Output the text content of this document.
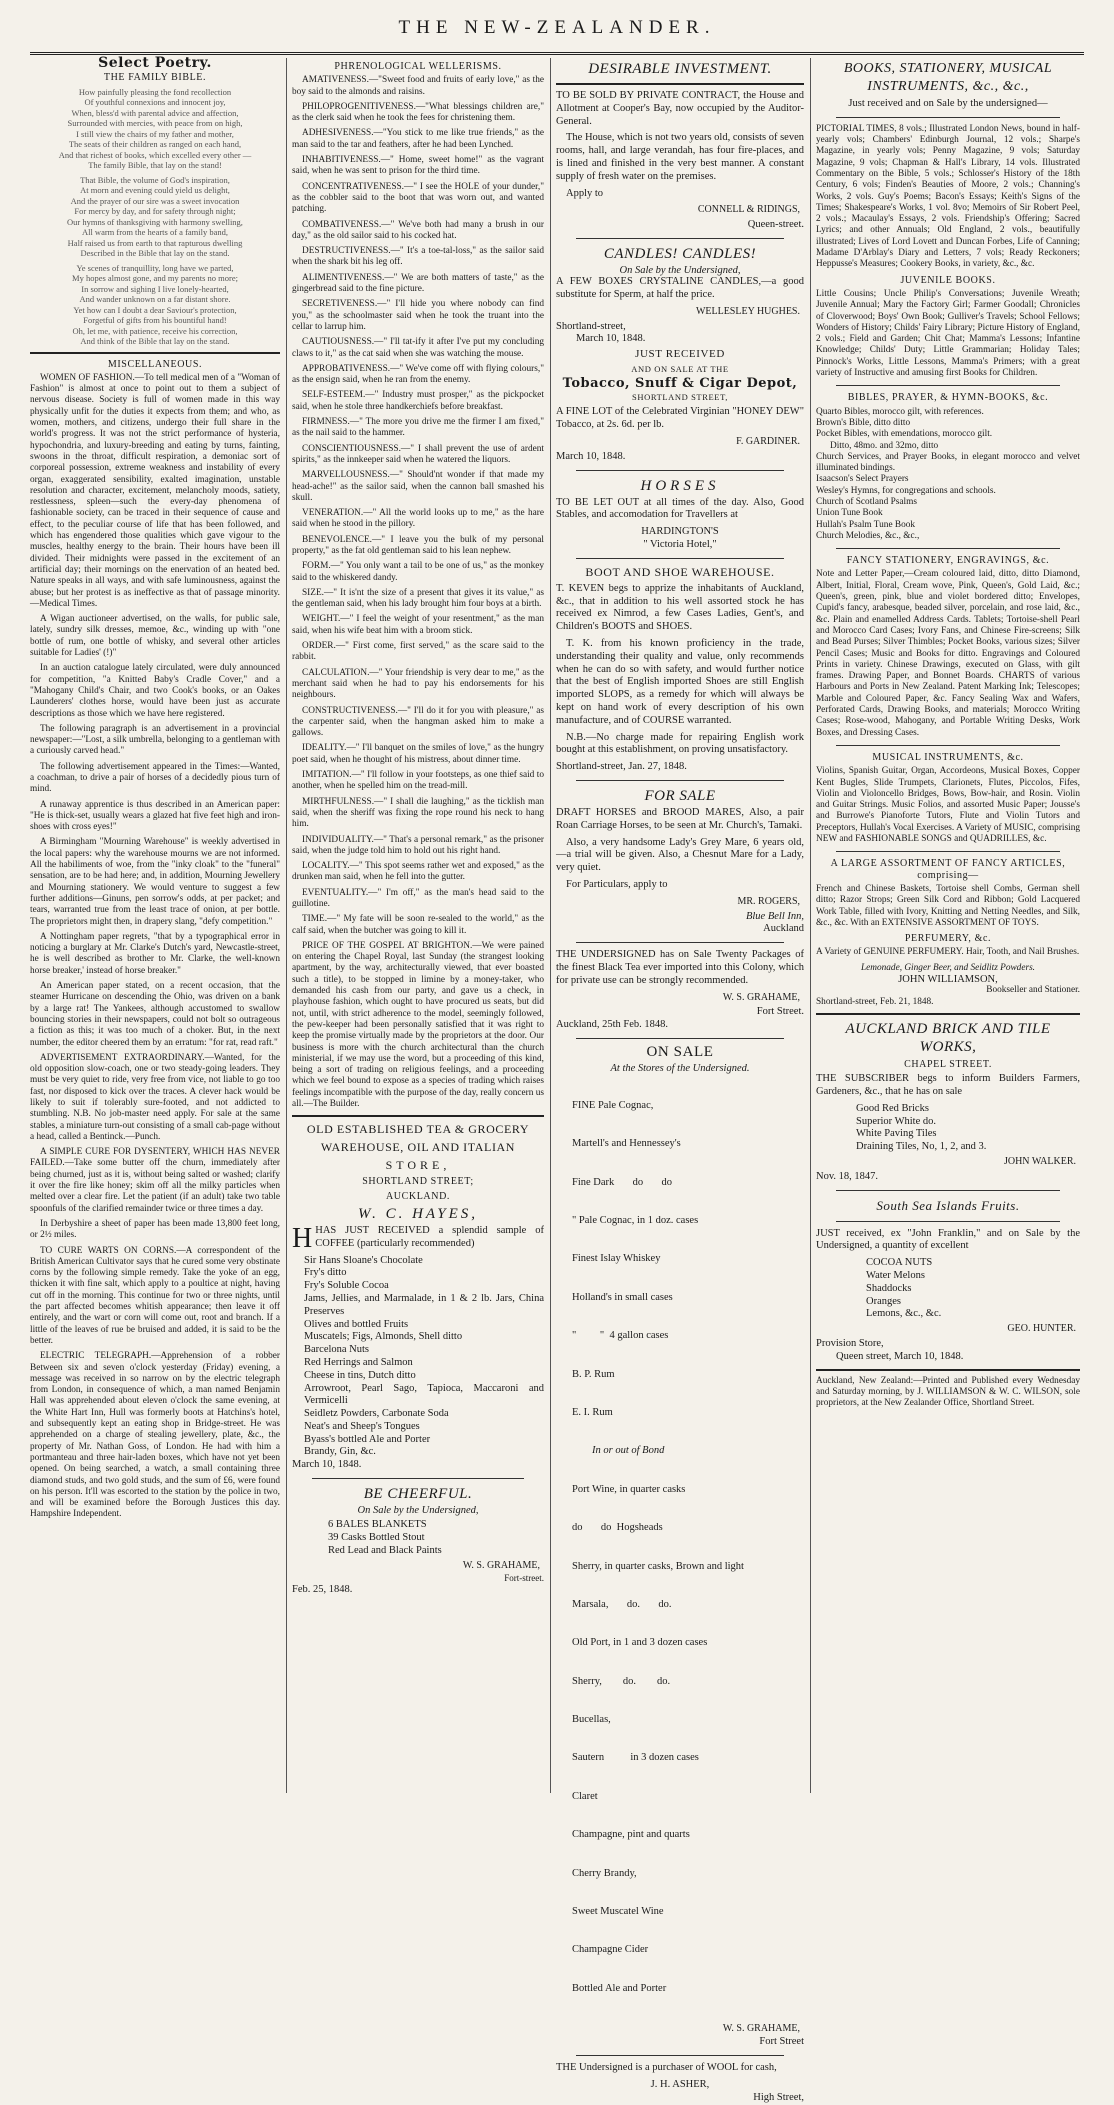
THE NEW-ZEALANDER.
Select Poetry.
THE FAMILY BIBLE.
How painfully pleasing the fond recollection
Of youthful connexions and innocent joy,
When, bless'd with parental advice and affection,
Surrounded with mercies, with peace from on high,
I still view the chairs of my father and mother,
The seats of their children as ranged on each hand,
And that richest of books, which excelled every other —
The family Bible, that lay on the stand!
That Bible, the volume of God's inspiration,
At morn and evening could yield us delight,
And the prayer of our sire was a sweet invocation
For mercy by day, and for safety through night;
Our hymns of thanksgiving with harmony swelling,
All warm from the hearts of a family band,
Half raised us from earth to that rapturous dwelling
Described in the Bible that lay on the stand.
Ye scenes of tranquillity, long have we parted,
My hopes almost gone, and my parents no more;
In sorrow and sighing I live lonely-hearted,
And wander unknown on a far distant shore.
Yet how can I doubt a dear Saviour's protection,
Forgetful of gifts from his bountiful hand!
Oh, let me, with patience, receive his correction,
And think of the Bible that lay on the stand.
MISCELLANEOUS.

WOMEN OF FASHION.—To tell medical men of a "Woman of Fashion" is almost at once to point out to them a subject of nervous disease. Society is full of women made in this way physically unfit for the duties it expects from them; and who, as women, mothers, and citizens, undergo their full share in the world's progress. It was not the strict performance of hysteria, hypochondria, and luxury-breeding and eating by turns, fainting, swoons in the throat, difficult respiration, a demoniac sort of corporeal possession, extreme weakness and instability of every organ, exaggerated sensibility, exalted imagination, unstable resolution and character, excitement, melancholy moods, satiety, restlessness, spleen—such the every-day phenomena of fashionable society, can be traced in their sequence of cause and effect, to the peculiar course of life that has been followed, and which has engendered those qualities which gave vigour to the muscles, healthy energy to the brain. Their hours have been ill divided. Their midnights were passed in the excitement of an artificial day; their mornings on the enervation of an heated bed. Nature speaks in all ways, and with safe luminousness, against the abuse; but her protest is as ineffective as that of passage minority.—Medical Times.

A Wigan auctioneer advertised, on the walls, for public sale, lately, sundry silk dresses, memoe, &c., winding up with "one bottle of rum, one bottle of whisky, and several other articles suitable for Ladies' (!)"

In an auction catalogue lately circulated, were duly announced for competition, "a Knitted Baby's Cradle Cover," and a "Mahogany Child's Chair, and two Cook's books, or an Oakes Launderers' clothes horse, would have been just as accurate descriptions as those which we have here registered.

The following paragraph is an advertisement in a provincial newspaper:—"Lost, a silk umbrella, belonging to a gentleman with a curiously carved head."

The following advertisement appeared in the Times:—Wanted, a coachman, to drive a pair of horses of a decidedly pious turn of mind.

A runaway apprentice is thus described in an American paper: "He is thick-set, usually wears a glazed hat five feet high and iron-shoes with cross eyes!"

A Birmingham "Mourning Warehouse" is weekly advertised in the local papers: why the warehouse mourns we are not informed. All the habiliments of woe, from the "inky cloak" to the "funeral" sensation, are to be had here; and, in addition, Mourning Jewellery and Mourning stationery. We would venture to suggest a few further additions—Ginuns, pen sorrow's odds, at per packet; and tears, warranted true from the least trace of onion, at per bottle. The proprietors might then, in drapery slang, "defy competition."

A Nottingham paper regrets, "that by a typographical error in noticing a burglary at Mr. Clarke's Dutch's yard, Newcastle-street, he is well described as brother to Mr. Clarke, the well-known horse breaker,' instead of horse breaker."

An American paper stated, on a recent occasion, that the steamer Hurricane on descending the Ohio, was driven on a bank by a large rat! The Yankees, although accustomed to swallow bouncing stories in their newspapers, could not bolt so outrageous a fiction as this; it was too much of a choker. But, in the next number, the editor cheered them by an erratum: "for rat, read raft."

ADVERTISEMENT EXTRAORDINARY.—Wanted, for the old opposition slow-coach, one or two steady-going leaders. They must be very quiet to ride, very free from vice, not liable to go too fast, nor disposed to kick over the traces. A clever hack would be likely to suit if tolerably sure-footed, and not addicted to stumbling. N.B. No job-master need apply. For sale at the same stables, a miniature turn-out consisting of a small cab-page without a head, called a Bentinck.—Punch.

A SIMPLE CURE FOR DYSENTERY, WHICH HAS NEVER FAILED.—Take some butter off the churn, immediately after being churned, just as it is, without being salted or washed; clarify it over the fire like honey; skim off all the milky particles when melted over a clear fire. Let the patient (if an adult) take two table spoonfuls of the clarified remainder twice or three times a day.

In Derbyshire a sheet of paper has been made 13,800 feet long, or 2½ miles.

TO CURE WARTS ON CORNS.—A correspondent of the British American Cultivator says that he cured some very obstinate corns by the following simple remedy. Take the yoke of an egg, thicken it with fine salt, which apply to a poultice at night, having cut off in the morning. This continue for two or three nights, until the part affected becomes whitish appearance; then leave it off entirely, and the wart or corn will come out, root and branch. If a little of the leaves of rue be bruised and added, it is said to be the better.

ELECTRIC TELEGRAPH.—Apprehension of a robber Between six and seven o'clock yesterday (Friday) evening, a message was received in so narrow on by the electric telegraph from London, in consequence of which, a man named Benjamin Hall was apprehended about eleven o'clock the same evening, at the White Hart Inn, Hull was formerly boots at Hatchins's hotel, and subsequently kept an eating shop in Bridge-street. He was apprehended on a charge of stealing jewellery, plate, &c., the property of Mr. Nathan Goss, of London. He had with him a portmanteau and three hair-laden boxes, which have not yet been opened. On being searched, a watch, a small containing three diamond studs, and two gold studs, and the sum of £6, were found on his person. It'll was escorted to the station by the police in two, and will be examined before the Borough Justices this day. Hampshire Independent.

PHRENOLOGICAL WELLERISMS.

AMATIVENESS.—"Sweet food and fruits of early love," as the boy said to the almonds and raisins.

PHILOPROGENITIVENESS.—"What blessings children are," as the clerk said when he took the fees for christening them.

ADHESIVENESS.—"You stick to me like true friends," as the man said to the tar and feathers, after he had been Lynched.

INHABITIVENESS.—" Home, sweet home!" as the vagrant said, when he was sent to prison for the third time.

CONCENTRATIVENESS.—" I see the HOLE of your dunder," as the cobbler said to the boot that was worn out, and wanted patching.

COMBATIVENESS.—" We've both had many a brush in our day," as the old sailor said to his cocked hat.

DESTRUCTIVENESS.—" It's a toe-tal-loss," as the sailor said when the shark bit his leg off.

ALIMENTIVENESS.—" We are both matters of taste," as the gingerbread said to the fine picture.

SECRETIVENESS.—" I'll hide you where nobody can find you," as the schoolmaster said when he took the truant into the cellar to larrup him.

CAUTIOUSNESS.—" I'll tat-ify it after I've put my concluding claws to it," as the cat said when she was watching the mouse.

APPROBATIVENESS.—" We've come off with flying colours," as the ensign said, when he ran from the enemy.

SELF-ESTEEM.—" Industry must prosper," as the pickpocket said, when he stole three handkerchiefs before breakfast.

FIRMNESS.—" The more you drive me the firmer I am fixed," as the nail said to the hammer.

CONSCIENTIOUSNESS.—" I shall prevent the use of ardent spirits," as the innkeeper said when he watered the liquors.

MARVELLOUSNESS.—" Should'nt wonder if that made my head-ache!" as the sailor said, when the cannon ball smashed his skull.

VENERATION.—" All the world looks up to me," as the hare said when he stood in the pillory.

BENEVOLENCE.—" I leave you the bulk of my personal property," as the fat old gentleman said to his lean nephew.

FORM.—" You only want a tail to be one of us," as the monkey said to the whiskered dandy.

SIZE.—" It is'nt the size of a present that gives it its value," as the gentleman said, when his lady brought him four boys at a birth.

WEIGHT.—" I feel the weight of your resentment," as the man said, when his wife beat him with a broom stick.

ORDER.—" First come, first served," as the scare said to the rabbit.

CALCULATION.—" Your friendship is very dear to me," as the merchant said when he had to pay his endorsements for his neighbours.

CONSTRUCTIVENESS.—" I'll do it for you with pleasure," as the carpenter said, when the hangman asked him to make a gallows.

IDEALITY.—" I'll banquet on the smiles of love," as the hungry poet said, when he thought of his mistress, about dinner time.

IMITATION.—" I'll follow in your footsteps, as one thief said to another, when he spelled him on the tread-mill.

MIRTHFULNESS.—" I shall die laughing," as the ticklish man said, when the sheriff was fixing the rope round his neck to hang him.

INDIVIDUALITY.—" That's a personal remark," as the prisoner said, when the judge told him to hold out his right hand.

LOCALITY.—" This spot seems rather wet and exposed," as the drunken man said, when he fell into the gutter.

EVENTUALITY.—" I'm off," as the man's head said to the guillotine.

TIME.—" My fate will be soon re-sealed to the world," as the calf said, when the butcher was going to kill it.

PRICE OF THE GOSPEL AT BRIGHTON.—We were pained on entering the Chapel Royal, last Sunday (the strangest looking apartment, by the way, architecturally viewed, that ever boasted such a title), to be stopped in limine by a money-taker, who demanded his cash from our party, and gave us a check, in playhouse fashion, which ought to have procured us seats, but did not, until, with strict adherence to the model, seemingly followed, the pew-keeper had been personally satisfied that it was right to keep the promise virtually made by the proprietors at the door. Our business is more with the church architectural than the church ministerial, if we may use the word, but a proceeding of this kind, being a sort of trading on religious feelings, and a proceeding which we feel bound to expose as a species of trading which raises feelings incompatible with the purpose of the day, really concern us all.—The Builder.

OLD ESTABLISHED TEA & GROCERY
WAREHOUSE, OIL AND ITALIAN
STORE,
SHORTLAND STREET;
AUCKLAND.
W. C. HAYES,

HHAS JUST RECEIVED a splendid sample of COFFEE (particularly recommended)

Sir Hans Sloane's Chocolate
Fry's ditto
Fry's Soluble Cocoa
Jams, Jellies, and Marmalade, in 1 & 2 lb. Jars, China Preserves
Olives and bottled Fruits
Muscatels; Figs, Almonds, Shell ditto
Barcelona Nuts
Red Herrings and Salmon
Cheese in tins, Dutch ditto
Arrowroot, Pearl Sago, Tapioca, Maccaroni and Vermicelli
Seidletz Powders, Carbonate Soda
Neat's and Sheep's Tongues
Byass's bottled Ale and Porter
Brandy, Gin, &c.
March 10, 1848.
BE CHEERFUL.
On Sale by the Undersigned,
6 BALES BLANKETS
39 Casks Bottled Stout
Red Lead and Black Paints
W. S. GRAHAME,
Fort-street.
Feb. 25, 1848.
DESIRABLE INVESTMENT.

TO BE SOLD BY PRIVATE CONTRACT, the House and Allotment at Cooper's Bay, now occupied by the Auditor-General.

The House, which is not two years old, consists of seven rooms, hall, and large verandah, has four fire-places, and is lined and finished in the very best manner. A constant supply of fresh water on the premises.

Apply to

CONNELL & RIDINGS,
Queen-street.
CANDLES! CANDLES!
On Sale by the Undersigned,

A FEW BOXES CRYSTALINE CANDLES,—a good substitute for Sperm, at half the price.

WELLESLEY HUGHES.
Shortland-street,
March 10, 1848.
JUST RECEIVED
AND ON SALE AT THE
Tobacco, Snuff & Cigar Depot,
SHORTLAND STREET,

A FINE LOT of the Celebrated Virginian "HONEY DEW" Tobacco, at 2s. 6d. per lb.

F. GARDINER.
March 10, 1848.
HORSES

TO BE LET OUT at all times of the day. Also, Good Stables, and accomodation for Travellers at

HARDINGTON'S
" Victoria Hotel,"
BOOT AND SHOE WAREHOUSE.

T. KEVEN begs to apprize the inhabitants of Auckland, &c., that in addition to his well assorted stock he has received ex Nimrod, a few Cases Ladies, Gent's, and Children's BOOTS and SHOES.

T. K. from his known proficiency in the trade, understanding their quality and value, only recommends when he can do so with safety, and would further notice that the best of English imported Shoes are still English imported SLOPS, as a remedy for which will always be kept on hand work of every description of his own manufacture, and of COURSE warranted.

N.B.—No charge made for repairing English work bought at this establishment, on proving unsatisfactory.

Shortland-street, Jan. 27, 1848.

FOR SALE

DRAFT HORSES and BROOD MARES, Also, a pair Roan Carriage Horses, to be seen at Mr. Church's, Tamaki.

Also, a very handsome Lady's Grey Mare, 6 years old,—a trial will be given. Also, a Chesnut Mare for a Lady, very quiet.

For Particulars, apply to

MR. ROGERS,
Blue Bell Inn,
Auckland

THE UNDERSIGNED has on Sale Twenty Packages of the finest Black Tea ever imported into this Colony, which for private use can be strongly recommended.

W. S. GRAHAME,
Fort Street.
Auckland, 25th Feb. 1848.
ON SALE
At the Stores of the Undersigned.

FINE Pale Cognac,

Martell's and Hennessey's

Fine Dark       do       do

" Pale Cognac, in 1 doz. cases

Finest Islay Whiskey

Holland's in small cases

"         "  4 gallon cases

B. P. Rum

E. I. Rum

In or out of Bond

Port Wine, in quarter casks

do       do  Hogsheads

Sherry, in quarter casks, Brown and light

Marsala,       do.       do.

Old Port, in 1 and 3 dozen cases

Sherry,        do.        do.

Bucellas,

Sautern          in 3 dozen cases

Claret

Champagne, pint and quarts

Cherry Brandy,

Sweet Muscatel Wine

Champagne Cider

Bottled Ale and Porter

W. S. GRAHAME,
Fort Street

THE Undersigned is a purchaser of WOOL for cash,

J. H. ASHER,
High Street,
BOOKS, STATIONERY, MUSICAL INSTRUMENTS, &c., &c.,
Just received and on Sale by the undersigned—

PICTORIAL TIMES, 8 vols.; Illustrated London News, bound in half-yearly vols; Chambers' Edinburgh Journal, 12 vols.; Sharpe's Magazine, in yearly vols; Penny Magazine, 9 vols; Saturday Magazine, 9 vols; Chapman & Hall's Library, 14 vols. Illustrated Commentary on the Bible, 5 vols.; Schlosser's History of the 18th Century, 6 vols; Finden's Beauties of Moore, 2 vols.; Channing's Works, 2 vols. Guy's Poems; Bacon's Essays; Keith's Signs of the Times; Shakespeare's Works, 1 vol. 8vo; Memoirs of Sir Robert Peel, 2 vols.; Macaulay's Essays, 2 vols. Friendship's Offering; Sacred Lyrics; and other Annuals; Old England, 2 vols., beautifully illustrated; Lives of Lord Lovett and Duncan Forbes, Life of Canning; Madame D'Arblay's Diary and Letters, 7 vols; Ready Reckoners; Heppusse's Measures; Cookery Books, in variety, &c., &c.

JUVENILE BOOKS.

Little Cousins; Uncle Philip's Conversations; Juvenile Wreath; Juvenile Annual; Mary the Factory Girl; Farmer Goodall; Chronicles of Cloverwood; Boys' Own Book; Gulliver's Travels; School Fellows; Wonders of History; Childs' Fairy Library; Picture History of England, 2 vols.; Field and Garden; Chit Chat; Mamma's Lessons; Infantine Knowledge; Childs' Duty; Little Grammarian; Holiday Tales; Pinnock's Works, Little Lessons, Mamma's Primers; with a great variety of Instructive and amusing first Books for Children.

BIBLES, PRAYER, & HYMN-BOOKS, &c.
Quarto Bibles, morocco gilt, with references.
Brown's Bible, ditto ditto
Pocket Bibles, with emendations, morocco gilt.
Ditto, 48mo. and 32mo, ditto
Church Services, and Prayer Books, in elegant morocco and velvet illuminated bindings.
Isaacson's Select Prayers
Wesley's Hymns, for congregations and schools.
Church of Scotland Psalms
Union Tune Book
Hullah's Psalm Tune Book
Church Melodies, &c., &c.,
FANCY STATIONERY, ENGRAVINGS, &c.

Note and Letter Paper,—Cream coloured laid, ditto, ditto Diamond, Albert, Initial, Floral, Cream wove, Pink, Queen's, Gold Laid, &c.; Queen's, green, pink, blue and violet bordered ditto; Envelopes, Cupid's fancy, arabesque, beaded silver, porcelain, and rose laid, &c., &c. Plain and enamelled Address Cards. Tablets; Tortoise-shell Pearl and Morocco Card Cases; Ivory Fans, and Chinese Fire-screens; Silk and Bead Purses; Silver Thimbles; Pocket Books, various sizes; Silver Pencil Cases; Music and Books for ditto. Engravings and Coloured Prints in variety. Chinese Drawings, executed on Glass, with gilt frames. Drawing Paper, and Bonnet Boards. CHARTS of various Harbours and Ports in New Zealand. Patent Marking Ink; Telescopes; Marble and Coloured Paper, &c. Fancy Sealing Wax and Wafers, Perforated Cards, Drawing Books, and materials; Morocco Writing Cases; Rose-wood, Mahogany, and Portable Writing Desks, Work Boxes, and Dressing Cases.

MUSICAL INSTRUMENTS, &c.

Violins, Spanish Guitar, Organ, Accordeons, Musical Boxes, Copper Kent Bugles, Slide Trumpets, Clarionets, Flutes, Piccolos, Fifes, Violin and Violoncello Bridges, Bows, Bow-hair, and Rosin. Violin and Guitar Strings. Music Folios, and assorted Music Paper; Jousse's and Burrowe's Pianoforte Tutors, Flute and Violin Tutors and Preceptors, Hullah's Vocal Exercises. A Variety of MUSIC, comprising NEW and FASHIONABLE SONGS and QUADRILLES, &c.

A LARGE ASSORTMENT OF FANCY ARTICLES, comprising—

French and Chinese Baskets, Tortoise shell Combs, German shell ditto; Razor Strops; Green Silk Cord and Ribbon; Gold Lacquered Work Table, filled with Ivory, Knitting and Netting Needles, and Silk, &c., &c. With an EXTENSIVE ASSORTMENT OF TOYS.

PERFUMERY, &c.

A Variety of GENUINE PERFUMERY. Hair, Tooth, and Nail Brushes.

Lemonade, Ginger Beer, and Seidlitz Powders.
JOHN WILLIAMSON,
Bookseller and Stationer.
Shortland-street, Feb. 21, 1848.
AUCKLAND BRICK AND TILE WORKS,
CHAPEL STREET.

THE SUBSCRIBER begs to inform Builders Farmers, Gardeners, &c., that he has on sale

Good Red Bricks
Superior White do.
White Paving Tiles
Draining Tiles, No, 1, 2, and 3.
JOHN WALKER.
Nov. 18, 1847.
South Sea Islands Fruits.

JUST received, ex "John Franklin," and on Sale by the Undersigned, a quantity of excellent

COCOA NUTS
Water Melons
Shaddocks
Oranges
Lemons, &c., &c.
GEO. HUNTER.
Provision Store,
Queen street, March 10, 1848.

Auckland, New Zealand:—Printed and Published every Wednesday and Saturday morning, by J. WILLIAMSON & W. C. WILSON, sole proprietors, at the New Zealander Office, Shortland Street.
